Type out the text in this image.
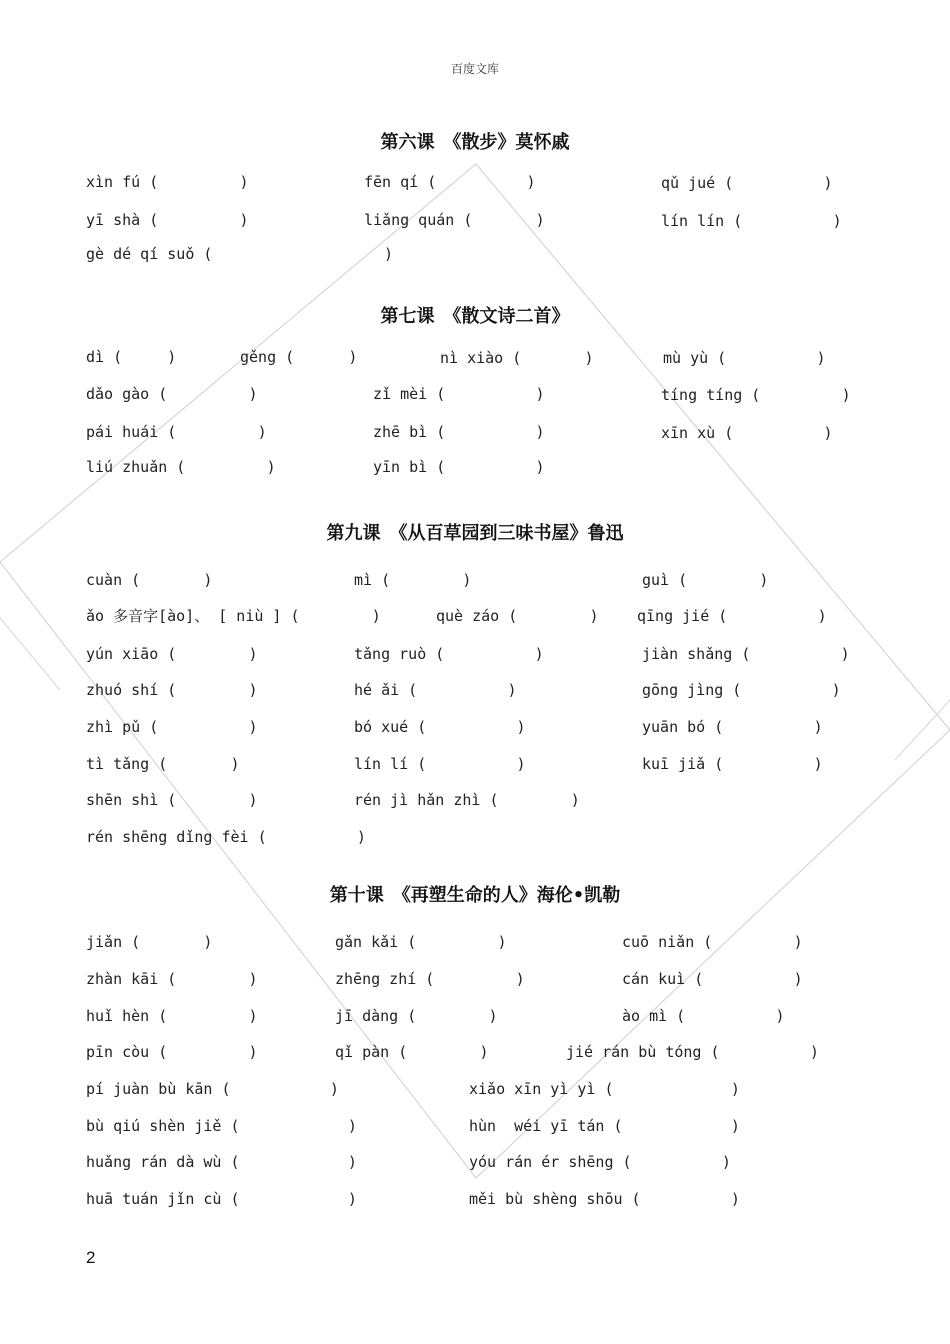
百度文库
第六课　《散步》莫怀戚
xìn fú (         )	fēn qí (          )	qǔ jué (          )
yī shà (         )	liǎng quán (       )	lín lín (          )
gè dé qí suǒ (                   )
第七课　《散文诗二首》
dì (     )	gěng (      )	nì xiào (       )	mù yù (          )
dǎo gào (         )	zǐ mèi (          )	tíng tíng (         )
pái huái (         )	zhē bì (          )	xīn xù (          )
liú zhuǎn (         )	yīn bì (          )
第九课　《从百草园到三味书屋》鲁迅
cuàn (       )	mì (        )	guì (        )
ǎo 多音字[ào]、 [ niù ] (        )	què záo (        )	qīng jié (          )
yún xiāo (        )	tǎng ruò (          )	jiàn shǎng (          )
zhuó shí (        )	hé ǎi (          )	gōng jìng (          )
zhì pǔ (          )	bó xué (          )	yuān bó (          )
tì tǎng (       )	lín lí (          )	kuī jiǎ (          )
shēn shì (        )	rén jì hǎn zhì (        )
rén shēng dǐng fèi (          )
第十课　《再塑生命的人》海伦•凯勒
jiǎn (       )	gǎn kǎi (         )	cuō niǎn (         )
zhàn kāi (        )	zhēng zhí (         )	cán kuì (          )
huǐ hèn (         )	jī dàng (        )	ào mì (          )
pīn còu (         )	qǐ pàn (        )	jié rán bù tóng (          )
pí juàn bù kān (           )	xiǎo xīn yì yì (             )
bù qiú shèn jiě (            )	hùn  wéi yī tán (            )
huǎng rán dà wù (            )	yóu rán ér shēng (          )
huā tuán jǐn cù (            )	měi bù shèng shōu (          )
2
